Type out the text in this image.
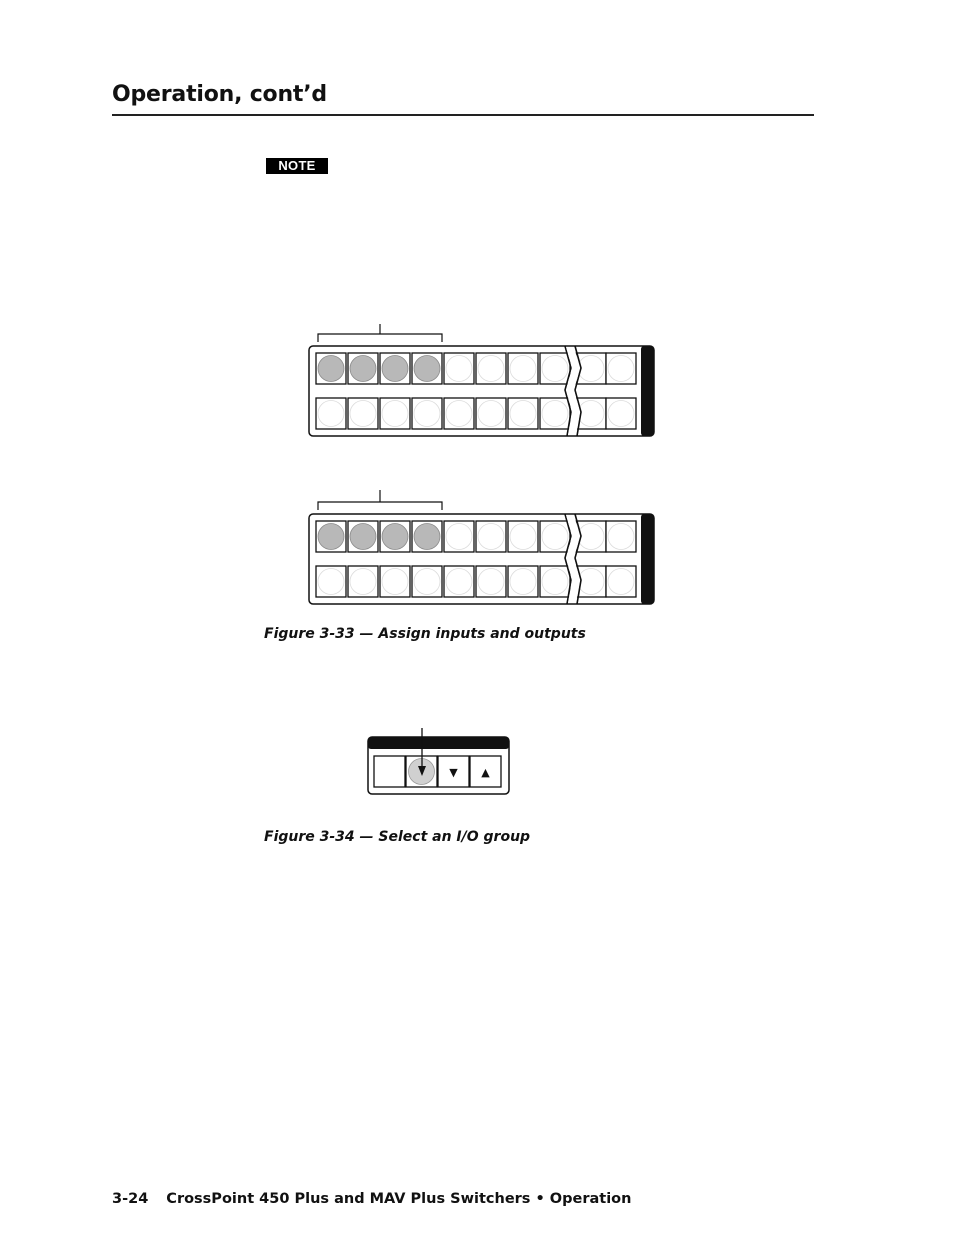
Operation, cont’d
NOTE
▼ ▲
Figure 3-33 — Assign inputs and outputs
Figure 3-34 — Select an I/O group
3-24 CrossPoint 450 Plus and MAV Plus Switchers • Operation
